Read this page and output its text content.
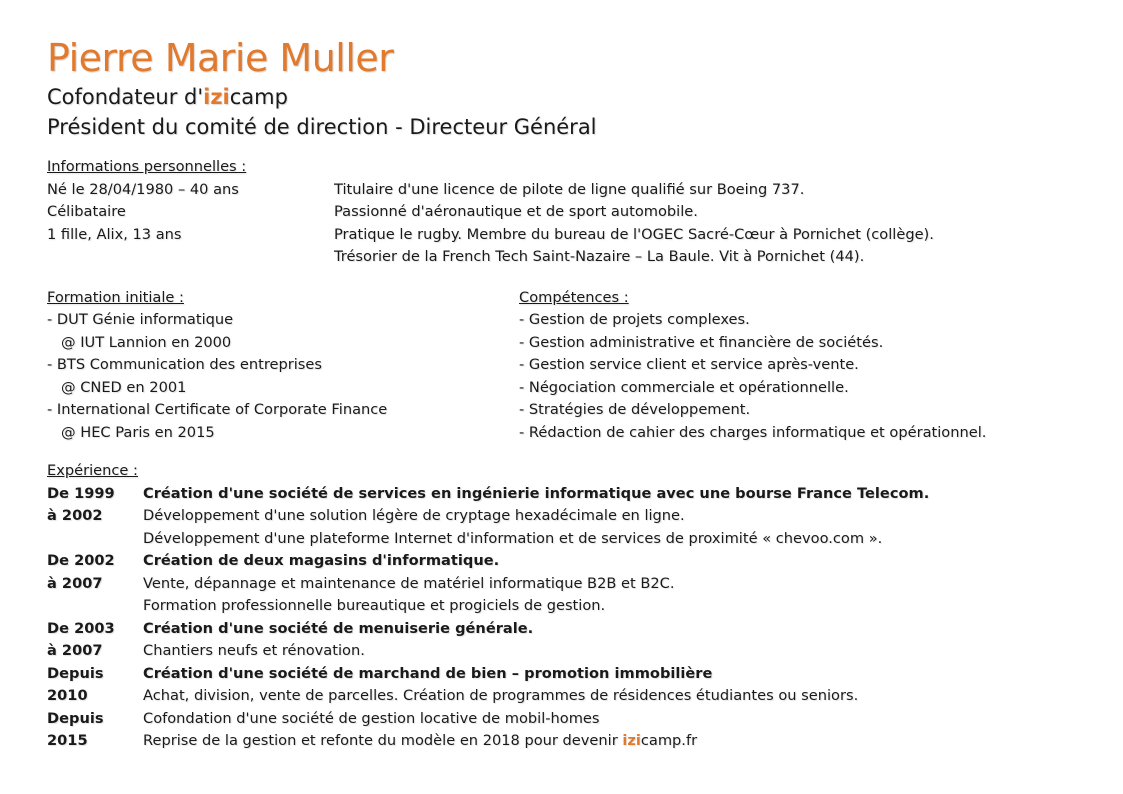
Pierre Marie Muller
Cofondateur d'izicamp
Président du comité de direction - Directeur Général
Informations personnelles :
Né le 28/04/1980 – 40 ans	Titulaire d'une licence de pilote de ligne qualifié sur Boeing 737.
Célibataire	Passionné d'aéronautique et de sport automobile.
1 fille, Alix, 13 ans	Pratique le rugby. Membre du bureau de l'OGEC Sacré-Cœur à Pornichet (collège).
Trésorier de la French Tech Saint-Nazaire – La Baule. Vit à Pornichet (44).
Formation initiale :
- DUT Génie informatique
@ IUT Lannion en 2000
- BTS Communication des entreprises
@ CNED en 2001
- International Certificate of Corporate Finance
@ HEC Paris en 2015
Compétences :
- Gestion de projets complexes.
- Gestion administrative et financière de sociétés.
- Gestion service client et service après-vente.
- Négociation commerciale et opérationnelle.
- Stratégies de développement.
- Rédaction de cahier des charges informatique et opérationnel.
Expérience :
De 1999	Création d'une société de services en ingénierie informatique avec une bourse France Telecom.
à 2002	Développement d'une solution légère de cryptage hexadécimale en ligne.
Développement d'une plateforme Internet d'information et de services de proximité « chevoo.com ».
De 2002	Création de deux magasins d'informatique.
à 2007	Vente, dépannage et maintenance de matériel informatique B2B et B2C.
Formation professionnelle bureautique et progiciels de gestion.
De 2003	Création d'une société de menuiserie générale.
à 2007	Chantiers neufs et rénovation.
Depuis	Création d'une société de marchand de bien – promotion immobilière
2010	Achat, division, vente de parcelles. Création de programmes de résidences étudiantes ou seniors.
Depuis	Cofondation d'une société de gestion locative de mobil-homes
2015	Reprise de la gestion et refonte du modèle en 2018 pour devenir izicamp.fr
